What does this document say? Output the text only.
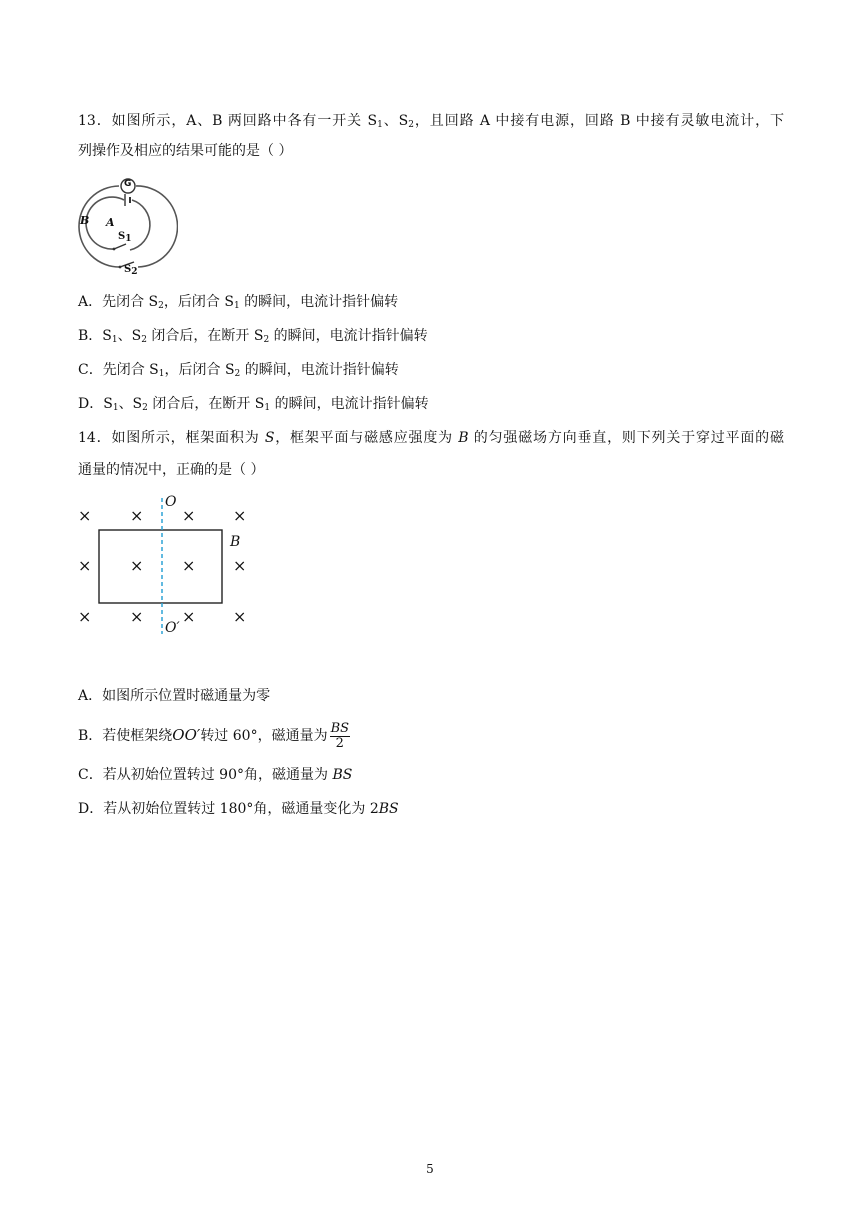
13．如图所示，A、B 两回路中各有一开关 $S_1$、$S_2$，且回路 A 中接有电源，回路 B 中接有灵敏电流计，下
列操作及相应的结果可能的是（ ）
G
B A
$S_1$
$S_2$
A．先闭合 $S_2$，后闭合 $S_1$ 的瞬间，电流计指针偏转
B．$S_1$、$S_2$ 闭合后，在断开 $S_2$ 的瞬间，电流计指针偏转
C．先闭合 $S_1$，后闭合 $S_2$ 的瞬间，电流计指针偏转
D．$S_1$、$S_2$ 闭合后，在断开 $S_1$ 的瞬间，电流计指针偏转
14．如图所示，框架面积为 S，框架平面与磁感应强度为 B 的匀强磁场方向垂直，则下列关于穿过平面的磁
通量的情况中，正确的是（ ）
× × × ×
× × × ×
× × × ×
O
O′
B
A．如图所示位置时磁通量为零
B．若使框架绕OO′转过 60°，磁通量为 $\frac{BS}{2}$
C．若从初始位置转过 90°角，磁通量为 BS
D．若从初始位置转过 180°角，磁通量变化为 2BS
5
